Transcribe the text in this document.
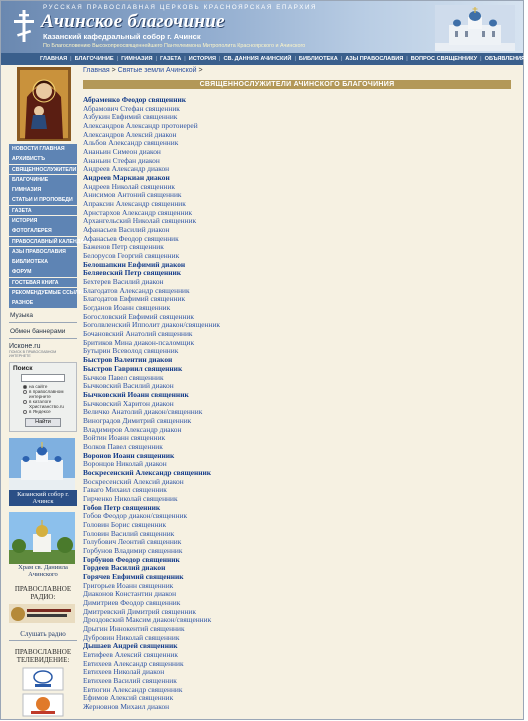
РУССКАЯ ПРАВОСЛАВНАЯ ЦЕРКОВЬ КРАСНОЯРСКАЯ ЕПАРХИЯ
Ачинское благочиние
Казанский кафедральный собор г. Ачинск
По Благословению Высокопреосвященнейшего Пантелеимона Митрополита Красноярского и Ачинского
ГЛАВНАЯ | БЛАГОЧИНИЕ | ГИМНАЗИЯ | ГАЗЕТА | ИСТОРИЯ | СВ. ДАННИЯ АЧИНСКИЙ | БИБЛИОТЕКА | АЗЫ ПРАВОСЛАВИЯ | ВОПРОС СВЯЩЕННИКУ | ОБЪЯВЛЕНИЯ
НОВОСТИ ГЛАВНАЯ
АРХИВИСТЪ
СВЯЩЕННОСЛУЖИТЕЛИ
БЛАГОЧИНИЕ
ГИМНАЗИЯ
СТАТЬИ И ПРОПОВЕДИ
ГАЗЕТА
ИСТОРИЯ
ФОТОГАЛЕРЕЯ
ПРАВОСЛАВНЫЙ КАЛЕНДАРЬ
АЗЫ ПРАВОСЛАВИЯ
БИБЛИОТЕКА
ФОРУМ
ГОСТЕВАЯ КНИГА
РЕКОМЕНДУЕМЫЕ ССЫЛКИ
РАЗНОЕ
Музыка
Обмен баннерами
Исконе.ru
ПОИСК В ПРАВОСЛАВНОМ ИНТЕРНЕТЕ
Поиск
на сайте
в православном интернете
в каталоге Христианство.ru
в Яндексе
Найти
Казанский собор г. Ачинск
Храм св. Даниила Ачинского
ПРАВОСЛАВНОЕ РАДИО:
Слушать радио
ПРАВОСЛАВНОЕ ТЕЛЕВИДЕНИЕ:
Главная > Святые земли Ачинской >
СВЯЩЕННОСЛУЖИТЕЛИ АЧИНСКОГО БЛАГОЧИНИЯ
Абраменко Феодор священник
Абрамович Стефан священник
Азбукин Евфимий священник
Александров Александр протоиерей
Александров Алексий диакон
Альбов Александр священник
Ананьин Симеон диакон
Ананьин Стефан диакон
Андреев Александр диакон
Андреев Маркиан диакон
Андреев Николай священник
Анисимов Антоний священник
Апраксин Александр священник
Арнстархов Александр священник
Архангельский Николай священник
Афанасьев Василий диакон
Афанасьев Феодор священник
Баженов Петр священник
Белорусов Георгий священник
Белошапкин Евфимий диакон
Беляевский Петр священник
Бехтерев Василий диакон
Благодатов Александр священник
Благодатов Евфимий священник
Богданов Иоанн священник
Богословский Евфимий священник
Боголвленский Ипполит диакон/священник
Бочановский Анатолий священник
Бритиков Мина диакон-псаломщик
Бутырин Всеволод священник
Быстров Валентин диакон
Быстров Гавриил священник
Бычков Павел священник
Бычковский Василий диакон
Бычковский Иоанн священник
Бычковский Харитон диакон
Величко Анатолий диакон/священник
Виноградов Димитрий священник
Владимиров Александр диакон
Войтин Иоанн священник
Волков Павел священник
Воронов Иоанн священник
Воронцов Николай диакон
Воскресенский Александр священник
Воскресенский Алексий диакон
Гаваго Михаил священник
Гирченко Николай священник
Гобов Петр священник
Гобов Феодор диакон/священник
Головин Борис священник
Головин Василий священник
Голубович Леонтий священник
Горбунов Владимир священник
Горбунов Феодор священник
Гордеев Василий диакон
Горячев Евфимий священник
Григорьев Иоанн священник
Диаконов Константин диакон
Димитриев Феодор священник
Дмитревский Димитрий священник
Дроздовский Максим диакон/священник
Дрыгин Иннокентий священник
Дубровин Николай священник
Дышаев Андрей священник
Евтифеев Алексий священник
Евтихеев Александр священник
Евтихеев Николай диакон
Евтихеев Василий священник
Евтюгин Александр священник
Ефимов Алексий священник
Жерновнов Михаил диакон
